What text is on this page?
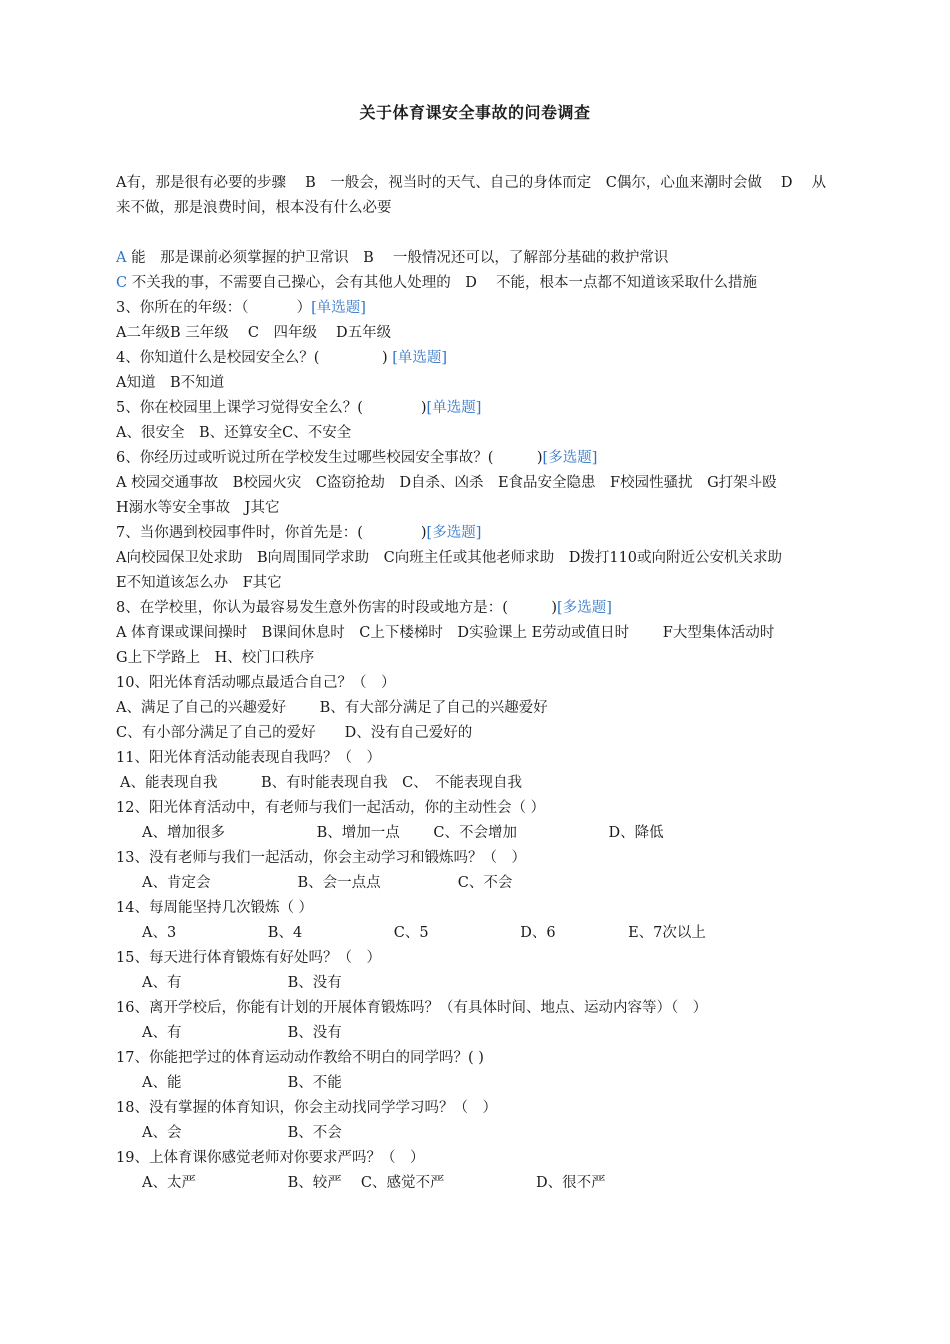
关于体育课安全事故的问卷调查

A有，那是很有必要的步骤　 B　一般会，视当时的天气、自己的身体而定　C偶尔，心血来潮时会做　 D　 从
来不做，那是浪费时间，根本没有什么必要

A 能　那是课前必须掌握的护卫常识　B　 一般情况还可以，了解部分基础的救护常识
C 不关我的事，不需要自己操心，会有其他人处理的　D　 不能，根本一点都不知道该采取什么措施
3、你所在的年级：（　　　 ）[单选题]
A二年级B 三年级　 C　四年级　 D五年级
4、你知道什么是校园安全么？(　　　　 ) [单选题]
A知道　B不知道
5、你在校园里上课学习觉得安全么？(　　　　)[单选题]
A、很安全　B、还算安全C、不安全
6、你经历过或听说过所在学校发生过哪些校园安全事故？(　　　)[多选题]
A 校园交通事故　B校园火灾　C盗窃抢劫　D自杀、凶杀　E食品安全隐患　F校园性骚扰　G打架斗殴
H溺水等安全事故　J其它
7、当你遇到校园事件时，你首先是：(　　　　)[多选题]
A向校园保卫处求助　B向周围同学求助　C向班主任或其他老师求助　D拨打110或向附近公安机关求助
E不知道该怎么办　F其它
8、在学校里，你认为最容易发生意外伤害的时段或地方是：(　　　)[多选题]
A 体育课或课间操时　B课间休息时　C上下楼梯时　D实验课上 E劳动或值日时　　 F大型集体活动时
G上下学路上　H、校门口秩序
10、阳光体育活动哪点最适合自己？（　）
A、满足了自己的兴趣爱好　　 B、有大部分满足了自己的兴趣爱好
C、有小部分满足了自己的爱好　　D、没有自己爱好的
11、阳光体育活动能表现自我吗？（　）
A、能表现自我　　　B、有时能表现自我　C、　不能表现自我
12、阳光体育活动中，有老师与我们一起活动，你的主动性会（ ）
A、增加很多　　　　　　 B、增加一点　　 C、不会增加　　　　　　 D、降低
13、没有老师与我们一起活动，你会主动学习和锻炼吗？（　）
A、肯定会　　　　　　B、会一点点　　　　　 C、不会
14、每周能坚持几次锻炼（ ）
A、3　　　　　　 B、4　　　　　　 C、5　　　　　　 D、6　　　　　E、7次以上
15、每天进行体育锻炼有好处吗？（　）
A、有　　　　　　　 B、没有
16、离开学校后，你能有计划的开展体育锻炼吗？（有具体时间、地点、运动内容等）（　）
A、有　　　　　　　 B、没有
17、你能把学过的体育运动动作教给不明白的同学吗？( )
A、能　　　　　　　 B、不能
18、没有掌握的体育知识，你会主动找同学学习吗？（　）
A、会　　　　　　　 B、不会
19、上体育课你感觉老师对你要求严吗？（　）
A、太严　　　　　　 B、较严　 C、感觉不严　　　　　　 D、很不严
